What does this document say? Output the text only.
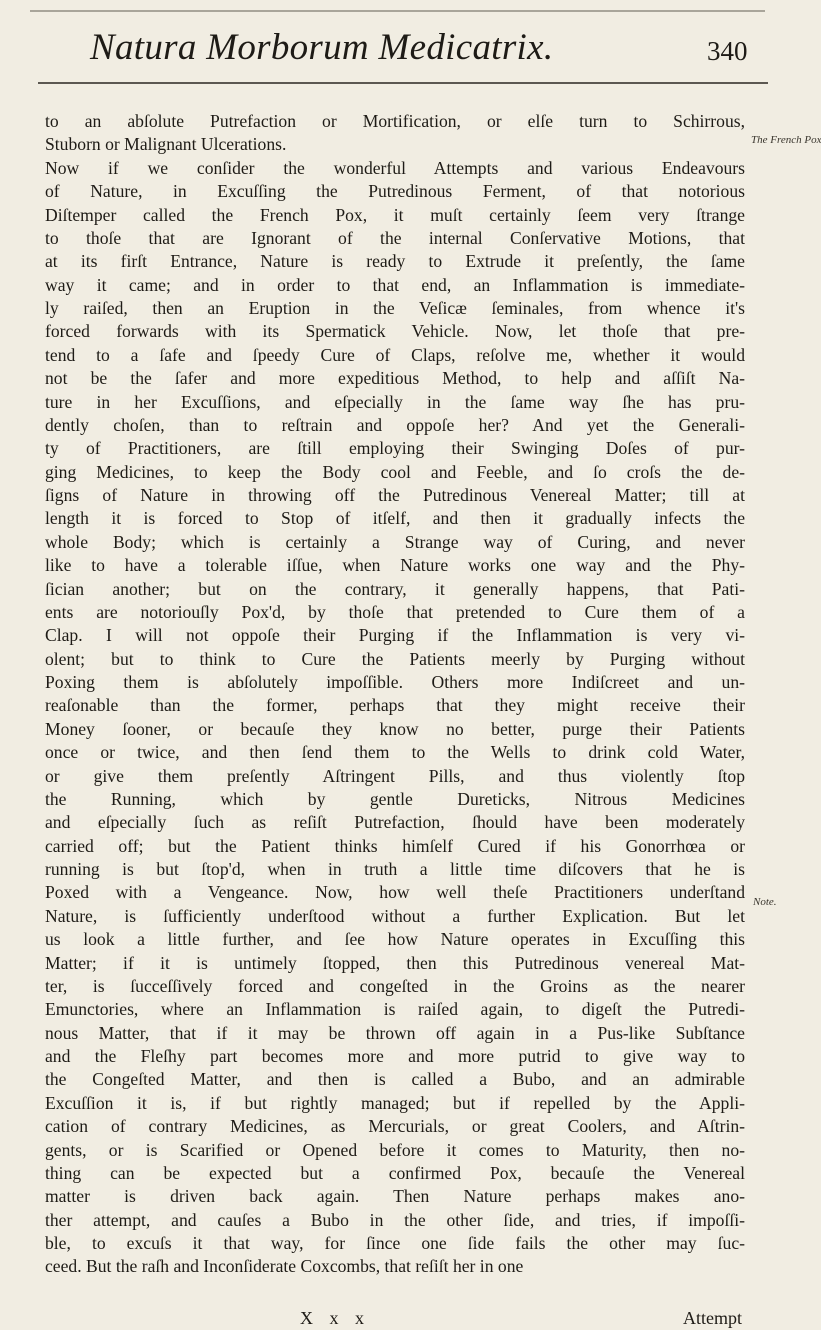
Natura Morborum Medicatrix.	340
The French Pox
Note.
to an abſolute Putrefaction or Mortification, or elſe turn to Schirrous,
Stuborn or Malignant Ulcerations.
Now if we conſider the wonderful Attempts and various Endeavours
of Nature, in Excuſſing the Putredinous Ferment, of that notorious
Diſtemper called the French Pox, it muſt certainly ſeem very ſtrange
to thoſe that are Ignorant of the internal Conſervative Motions, that
at its firſt Entrance, Nature is ready to Extrude it preſently, the ſame
way it came; and in order to that end, an Inflammation is immediate-
ly raiſed, then an Eruption in the Veſicæ ſeminales, from whence it's
forced forwards with its Spermatick Vehicle. Now, let thoſe that pre-
tend to a ſafe and ſpeedy Cure of Claps, reſolve me, whether it would
not be the ſafer and more expeditious Method, to help and aſſiſt Na-
ture in her Excuſſions, and eſpecially in the ſame way ſhe has pru-
dently choſen, than to reſtrain and oppoſe her? And yet the Generali-
ty of Practitioners, are ſtill employing their Swinging Doſes of pur-
ging Medicines, to keep the Body cool and Feeble, and ſo croſs the de-
ſigns of Nature in throwing off the Putredinous Venereal Matter; till at
length it is forced to Stop of itſelf, and then it gradually infects the
whole Body; which is certainly a Strange way of Curing, and never
like to have a tolerable iſſue, when Nature works one way and the Phy-
ſician another; but on the contrary, it generally happens, that Pati-
ents are notoriouſly Pox'd, by thoſe that pretended to Cure them of a
Clap. I will not oppoſe their Purging if the Inflammation is very vi-
olent; but to think to Cure the Patients meerly by Purging without
Poxing them is abſolutely impoſſible. Others more Indiſcreet and un-
reaſonable than the former, perhaps that they might receive their
Money ſooner, or becauſe they know no better, purge their Patients
once or twice, and then ſend them to the Wells to drink cold Water,
or give them preſently Aſtringent Pills, and thus violently ſtop
the Running, which by gentle Dureticks, Nitrous Medicines
and eſpecially ſuch as reſiſt Putrefaction, ſhould have been moderately
carried off; but the Patient thinks himſelf Cured if his Gonorrhœa or
running is but ſtop'd, when in truth a little time diſcovers that he is
Poxed with a Vengeance. Now, how well theſe Practitioners underſtand
Nature, is ſufficiently underſtood without a further Explication. But let
us look a little further, and ſee how Nature operates in Excuſſing this
Matter; if it is untimely ſtopped, then this Putredinous venereal Mat-
ter, is ſucceſſively forced and congeſted in the Groins as the nearer
Emunctories, where an Inflammation is raiſed again, to digeſt the Putredi-
nous Matter, that if it may be thrown off again in a Pus-like Subſtance
and the Fleſhy part becomes more and more putrid to give way to
the Congeſted Matter, and then is called a Bubo, and an admirable
Excuſſion it is, if but rightly managed; but if repelled by the Appli-
cation of contrary Medicines, as Mercurials, or great Coolers, and Aſtrin-
gents, or is Scarified or Opened before it comes to Maturity, then no-
thing can be expected but a confirmed Pox, becauſe the Venereal
matter is driven back again. Then Nature perhaps makes ano-
ther attempt, and cauſes a Bubo in the other ſide, and tries, if impoſſi-
ble, to excuſs it that way, for ſince one ſide fails the other may ſuc-
ceed. But the raſh and Inconſiderate Coxcombs, that reſiſt her in one
X x x	Attempt
